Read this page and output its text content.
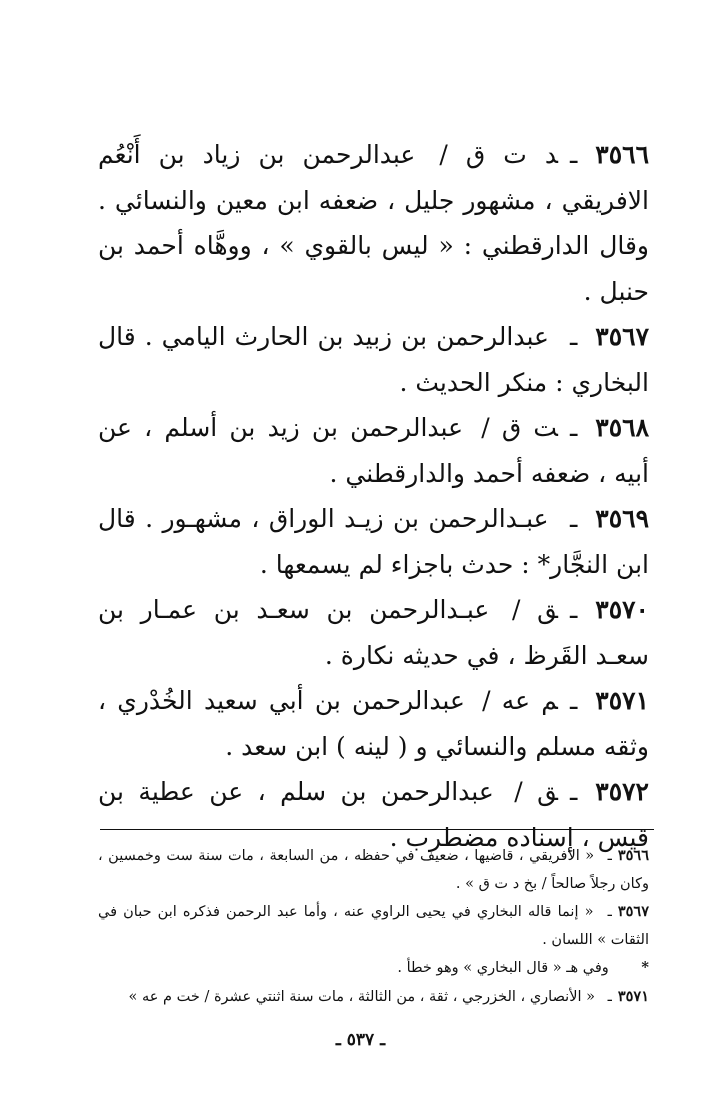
٣٥٦٦ـد ت ق / عبدالرحمن بن زياد بن أَنْعُم الافريقي ، مشهور جليل ، ضعفه ابن معين والنسائي . وقال الدارقطني : « ليس بالقوي » ، ووهَّاه أحمد بن حنبل .

٣٥٦٧ـ عبدالرحمن بن زبيد بن الحارث اليامي . قال البخاري : منكر الحديث .

٣٥٦٨ـت ق / عبدالرحمن بن زيد بن أسلم ، عن أبيه ، ضعفه أحمد والدارقطني .

٣٥٦٩ـ عبـدالرحمن بن زيـد الوراق ، مشهـور . قال ابن النجَّار* : حدث باجزاء لم يسمعها .

٣٥٧٠ـق / عبـدالرحمن بن سعـد بن عمـار بن سعـد القَرظ ، في حديثه نكارة .

٣٥٧١ـم عه / عبدالرحمن بن أبي سعيد الخُدْري ، وثقه مسلم والنسائي و ( لينه ) ابن سعد .

٣٥٧٢ـق / عبدالرحمن بن سلم ، عن عطية بن قيس ، إسناده مضطرب .

٣٥٦٦ـ « الافريقي ، قاضيها ، ضعيف في حفظه ، من السابعة ، مات سنة ست وخمسين ، وكان رجلاً صالحاً / بخ د ت ق » .

٣٥٦٧ـ « إنما قاله البخاري في يحيى الراوي عنه ، وأما عبد الرحمن فذكره ابن حبان في الثقات » اللسان .

* وفي هـ « قال البخاري » وهو خطأ .

٣٥٧١ـ « الأنصاري ، الخزرجي ، ثقة ، من الثالثة ، مات سنة اثنتي عشرة / خت م عه »

ـ ٥٣٧ ـ
